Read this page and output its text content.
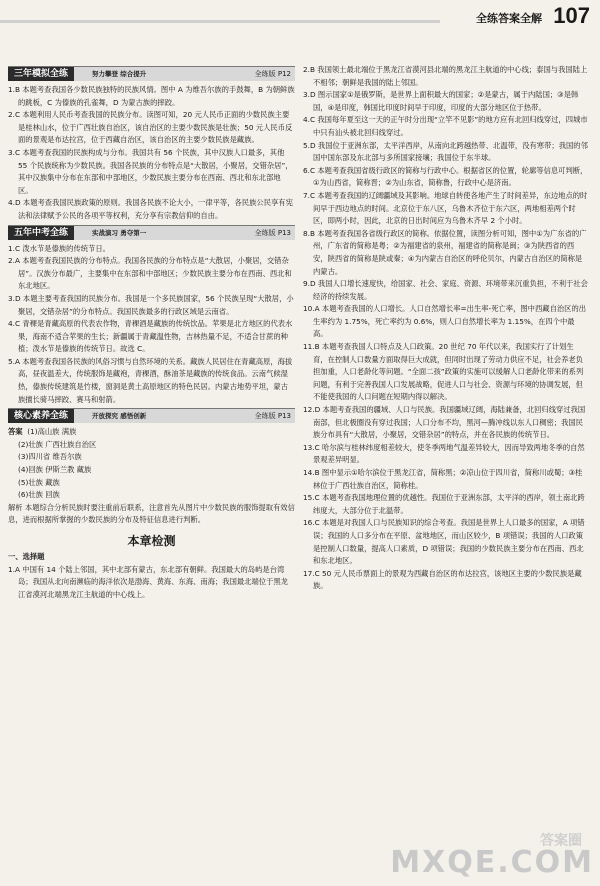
全练答案全解 107
三年模拟全练	努力攀登 综合提升	全练版 P12

1.B 本题考查我国各少数民族独特的民族风情。图中 A 为维吾尔族的手鼓舞，B 为朝鲜族的跳板，C 为傣族的孔雀舞，D 为蒙古族的摔跤。

2.C 本题利用人民币考查我国的民族分布。读图可知，20 元人民币正面的少数民族主要是桂林山水，位于广西壮族自治区，该自治区的主要少数民族是壮族；50 元人民币反面的景观是布达拉宫，位于西藏自治区，该自治区的主要少数民族是藏族。

3.C 本题考查我国的民族构成与分布。我国共有 56 个民族，其中汉族人口最多，其他 55 个民族统称为少数民族。我国各民族的分布特点是“大散居，小聚居，交错杂居”，其中汉族集中分布在东部和中部地区，少数民族主要分布在西南、西北和东北部地区。

4.D 本题考查我国民族政策的原则。我国各民族不论大小，一律平等，各民族公民享有宪法和法律赋予公民的各项平等权利，充分享有宗教信仰的自由。

五年中考全练	实战演习 勇夺第一	全练版 P13

1.C 泼水节是傣族的传统节日。

2.A 本题考查我国民族的分布特点。我国各民族的分布特点是“大散居，小聚居，交错杂居”。汉族分布最广，主要集中在东部和中部地区；少数民族主要分布在西南、西北和东北地区。

3.D 本题主要考查我国的民族分布。我国是一个多民族国家，56 个民族呈现“大散居，小聚居，交错杂居”的分布特点。我国民族最多的行政区域是云南省。

4.C 青稞是青藏高原的代表农作物，青稞酒是藏族的传统饮品。苹果是北方地区的代表水果，海南不适合苹果的生长；新疆属于青藏温性物，吉林热量不足，不适合甘蔗的种植；泼水节是傣族的传统节日。故选 C。

5.A 本题考查我国各民族的风俗习惯与自然环境的关系。藏族人民居住在青藏高原，海拔高，昼夜温差大，传统服饰是藏袍，青稞酒，酥油茶是藏族的传统食品。云南气候湿热，傣族传统建筑是竹楼，窗洞是黄土高原地区的特色民居。内蒙古地势平坦，蒙古族擅长骑马摔跤、赛马和射箭。

核心素养全练	开放探究 感悟创新	全练版 P13

答案 (1)高山族 满族

(2)壮族 广西壮族自治区

(3)四川省 维吾尔族

(4)回族 伊斯兰教 藏族

(5)壮族 藏族

(6)壮族 回族

解析 本题综合分析民族时要注重前后联系，注意首先从图片中少数民族的服饰提取有效信息，进而根据所掌握的少数民族的分布及特征信息进行判断。

本章检测

一、选择题

1.A 中国有 14 个陆上邻国，其中北部有蒙古，东北部有朝鲜。我国最大的岛屿是台湾岛；我国从北向南濒临的海洋依次是渤海、黄海、东海、南海；我国最北端位于黑龙江省漠河北端黑龙江主航道的中心线上。

2.B 我国领土最北端位于黑龙江省漠河县北端的黑龙江主航道的中心线；泰国与我国陆上不相邻；朝鲜是我国的陆上邻国。

3.D 图示国家①是俄罗斯，是世界上面积最大的国家；②是蒙古，属于内陆国；③是韩国，④是印度，韩国比印度时间早于印度，印度的大部分地区位于热带。

4.C 我国每年夏至这一天的正午时分出现“立竿不见影”的地方应有北回归线穿过，四城市中只有汕头被北回归线穿过。

5.D 我国位于亚洲东部，太平洋西岸，从南向北跨越热带、北温带，没有寒带；我国的邻国中国东部及东北部与多所国家接壤；我国位于东半球。

6.C 本题考查我国省级行政区的简称与行政中心。根据省区的位置，轮廓等信息可判断，①为山西省，简称晋；②为山东省，简称鲁，行政中心是济南。

7.C 本题考查我国的辽阔疆域及其影响。地球自转使各地产生了时间差异，东边地点的时间早于西边地点的时间。北京位于东八区，乌鲁木齐位于东六区，两地相差两个时区，即两小时，因此，北京的日出时间应为乌鲁木齐早 2 个小时。

8.B 本题考查我国各省级行政区的简称。依据位置，读图分析可知，图中①为广东省的广州，广东省的简称是粤；②为福建省的泉州，福建省的简称是闽；③为陕西省的西安，陕西省的简称是陕或秦；④为内蒙古自治区的呼伦贝尔，内蒙古自治区的简称是内蒙古。

9.D 我国人口增长速度快，给国家、社会、家庭、资源、环境带来沉重负担，不利于社会经济的持续发展。

10.A 本题考查我国的人口增长。人口自然增长率=出生率-死亡率，图中西藏自治区的出生率约为 1.75%，死亡率约为 0.6%，则人口自然增长率为 1.15%，在四个中最高。

11.B 本题考查我国人口特点及人口政策。20 世纪 70 年代以来，我国实行了计划生育，在控制人口数量方面取得巨大成就，但同时出现了劳动力供应不足，社会养老负担加重，人口老龄化等问题。“全面二孩”政策的实施可以缓解人口老龄化带来的系列问题，有利于完善我国人口发展战略，促进人口与社会、资源与环境的协调发展，但不能使我国的人口问题在短期内得以解决。

12.D 本题考查我国的疆域、人口与民族。我国疆域辽阔，海陆兼备，北回归线穿过我国南部，但北极圈没有穿过我国；人口分布不均，黑河—腾冲线以东人口稠密；我国民族分布具有“大散居，小聚居，交错杂居”的特点，并在各民族的传统节日。

13.C 哈尔滨与桂林纬度相差较大，使冬季两地气温差异较大，因而导致两地冬季的自然景观差异明显。

14.B 图中显示①哈尔滨位于黑龙江省，简称黑；②凉山位于四川省，简称川或蜀；③桂林位于广西壮族自治区，简称桂。

15.C 本题考查我国地理位置的优越性。我国位于亚洲东部，太平洋的西岸，领土南北跨纬度大，大部分位于北温带。

16.C 本题是对我国人口与民族知识的综合考查。我国是世界上人口最多的国家，A 项错误；我国的人口多分布在平原、盆地地区，而山区较少，B 项错误；我国的人口政策是控制人口数量，提高人口素质，D 项错误；我国的少数民族主要分布在西南、西北和东北地区。

17.C 50 元人民币票面上的景观为西藏自治区的布达拉宫，该地区主要的少数民族是藏族。

答案圈
MXQE.COM
